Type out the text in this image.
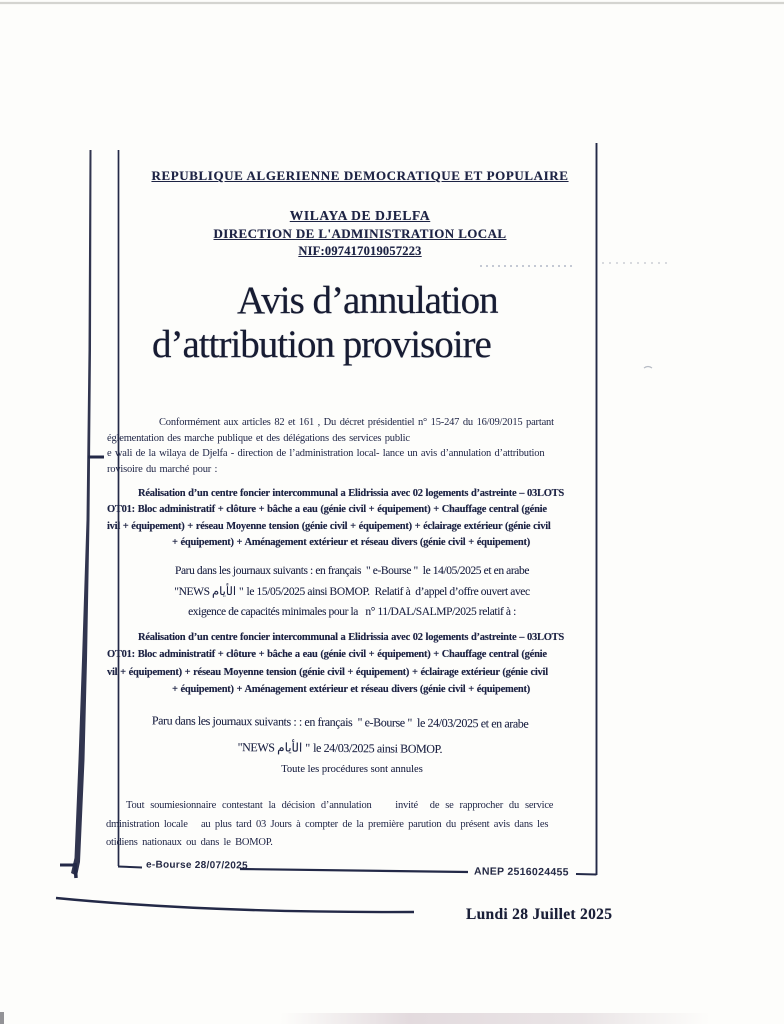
REPUBLIQUE ALGERIENNE DEMOCRATIQUE ET POPULAIRE
WILAYA DE DJELFA
DIRECTION DE L'ADMINISTRATION LOCAL
NIF:097417019057223
Avis d’annulation
d’attribution provisoire
Conformément aux articles 82 et 161 , Du décret présidentiel n° 15-247 du 16/09/2015 partant
églementation des marche publique et des délégations des services public
e wali de la wilaya de Djelfa - direction de l’administration local- lance un avis d’annulation d’attribution
rovisoire du marché pour :
Réalisation d’un centre foncier intercommunal a Elidrissia avec 02 logements d’astreinte – 03LOTS
OT01: Bloc administratif + clôture + bâche a eau (génie civil + équipement) + Chauffage central (génie
ivil + équipement) + réseau Moyenne tension (génie civil + équipement) + éclairage extérieur (génie civil
+ équipement) + Aménagement extérieur et réseau divers (génie civil + équipement)
Paru dans les journaux suivants : en français  " e-Bourse "  le 14/05/2025 et en arabe
"NEWS الأيام " le 15/05/2025 ainsi BOMOP.  Relatif à  d’appel d’offre ouvert avec
exigence de capacités minimales pour la   n° 11/DAL/SALMP/2025 relatif à :
Réalisation d’un centre foncier intercommunal a Elidrissia avec 02 logements d’astreinte – 03LOTS
OT01: Bloc administratif + clôture + bâche a eau (génie civil + équipement) + Chauffage central (génie
vil + équipement) + réseau Moyenne tension (génie civil + équipement) + éclairage extérieur (génie civil
+ équipement) + Aménagement extérieur et réseau divers (génie civil + équipement)
Paru dans les journaux suivants : : en français  " e-Bourse "  le 24/03/2025 et en arabe
"NEWS الأيام " le 24/03/2025 ainsi BOMOP.
Toute les procédures sont annules
Tout soumiesionnaire contestant la décision d’annulation    invité  de se rapprocher du service
dministration locale   au plus tard 03 Jours à compter de la première parution du présent avis dans les
otidiens nationaux ou dans le BOMOP.
e-Bourse 28/07/2025
ANEP 2516024455
Lundi 28 Juillet 2025
